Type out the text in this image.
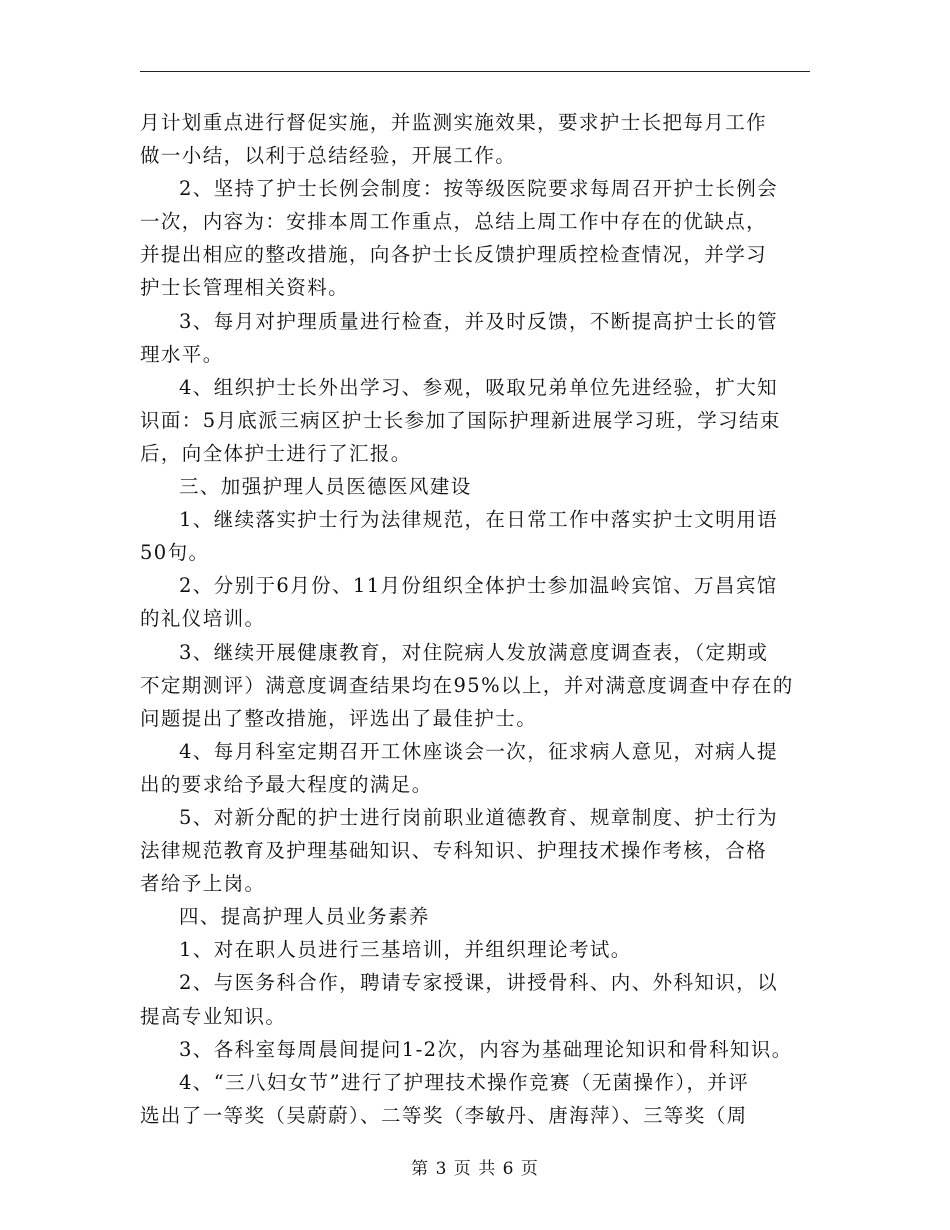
月计划重点进行督促实施，并监测实施效果，要求护士长把每月工作
做一小结，以利于总结经验，开展工作。
2、坚持了护士长例会制度：按等级医院要求每周召开护士长例会
一次，内容为：安排本周工作重点，总结上周工作中存在的优缺点，
并提出相应的整改措施，向各护士长反馈护理质控检查情况，并学习
护士长管理相关资料。
3、每月对护理质量进行检查，并及时反馈，不断提高护士长的管
理水平。
4、组织护士长外出学习、参观，吸取兄弟单位先进经验，扩大知
识面：5月底派三病区护士长参加了国际护理新进展学习班，学习结束
后，向全体护士进行了汇报。
三、加强护理人员医德医风建设
1、继续落实护士行为法律规范，在日常工作中落实护士文明用语
50句。
2、分别于6月份、11月份组织全体护士参加温岭宾馆、万昌宾馆
的礼仪培训。
3、继续开展健康教育，对住院病人发放满意度调查表，（定期或
不定期测评）满意度调查结果均在95%以上，并对满意度调查中存在的
问题提出了整改措施，评选出了最佳护士。
4、每月科室定期召开工休座谈会一次，征求病人意见，对病人提
出的要求给予最大程度的满足。
5、对新分配的护士进行岗前职业道德教育、规章制度、护士行为
法律规范教育及护理基础知识、专科知识、护理技术操作考核，合格
者给予上岗。
四、提高护理人员业务素养
1、对在职人员进行三基培训，并组织理论考试。
2、与医务科合作，聘请专家授课，讲授骨科、内、外科知识，以
提高专业知识。
3、各科室每周晨间提问1-2次，内容为基础理论知识和骨科知识。
4、“三八妇女节”进行了护理技术操作竞赛（无菌操作），并评
选出了一等奖（吴蔚蔚）、二等奖（李敏丹、唐海萍）、三等奖（周
第 3 页 共 6 页
